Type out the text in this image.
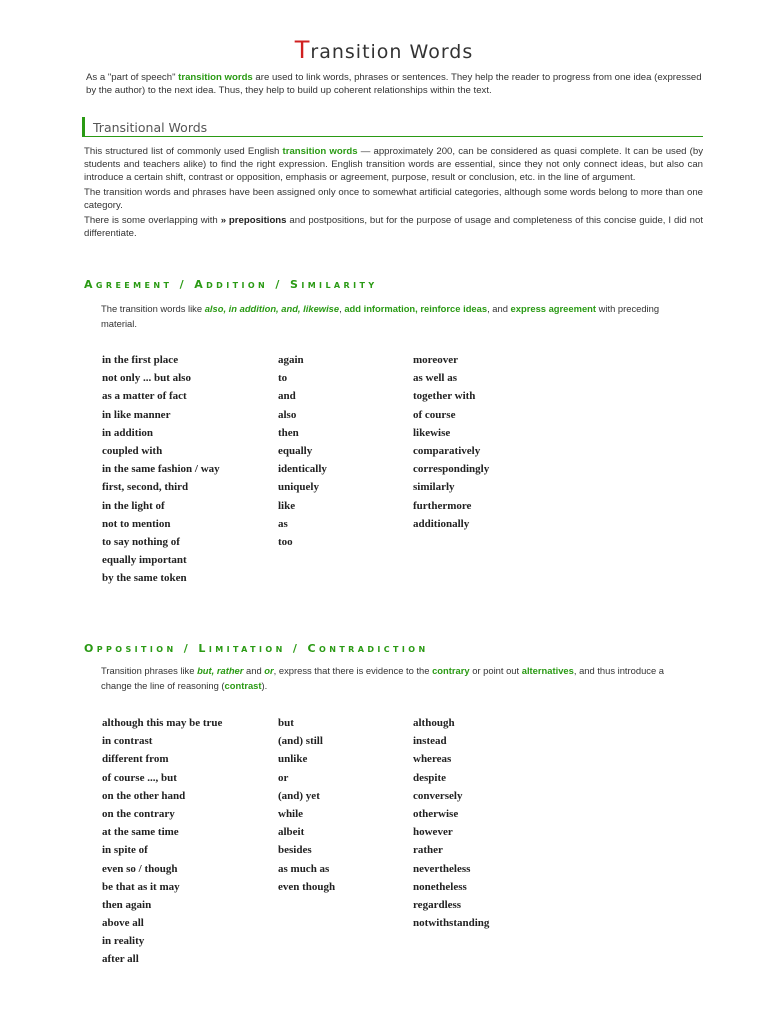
Transition Words

As a "part of speech" transition words are used to link words, phrases or sentences. They help the reader to progress from one idea (expressed by the author) to the next idea. Thus, they help to build up coherent relationships within the text.

Transitional Words

This structured list of commonly used English transition words — approximately 200, can be considered as quasi complete. It can be used (by students and teachers alike) to find the right expression. English transition words are essential, since they not only connect ideas, but also can introduce a certain shift, contrast or opposition, emphasis or agreement, purpose, result or conclusion, etc. in the line of argument.

The transition words and phrases have been assigned only once to somewhat artificial categories, although some words belong to more than one category.

There is some overlapping with » prepositions and postpositions, but for the purpose of usage and completeness of this concise guide, I did not differentiate.

Agreement / Addition / Similarity

The transition words like also, in addition, and, likewise, add information, reinforce ideas, and express agreement with preceding material.

in the first place
not only ... but also
as a matter of fact
in like manner
in addition
coupled with
in the same fashion / way
first, second, third
in the light of
not to mention
to say nothing of
equally important
by the same token
again
to
and
also
then
equally
identically
uniquely
like
as
too
moreover
as well as
together with
of course
likewise
comparatively
correspondingly
similarly
furthermore
additionally
Opposition / Limitation / Contradiction

Transition phrases like but, rather and or, express that there is evidence to the contrary or point out alternatives, and thus introduce a change the line of reasoning (contrast).

although this may be true
in contrast
different from
of course ..., but
on the other hand
on the contrary
at the same time
in spite of
even so / though
be that as it may
then again
above all
in reality
after all
but
(and) still
unlike
or
(and) yet
while
albeit
besides
as much as
even though
although
instead
whereas
despite
conversely
otherwise
however
rather
nevertheless
nonetheless
regardless
notwithstanding
